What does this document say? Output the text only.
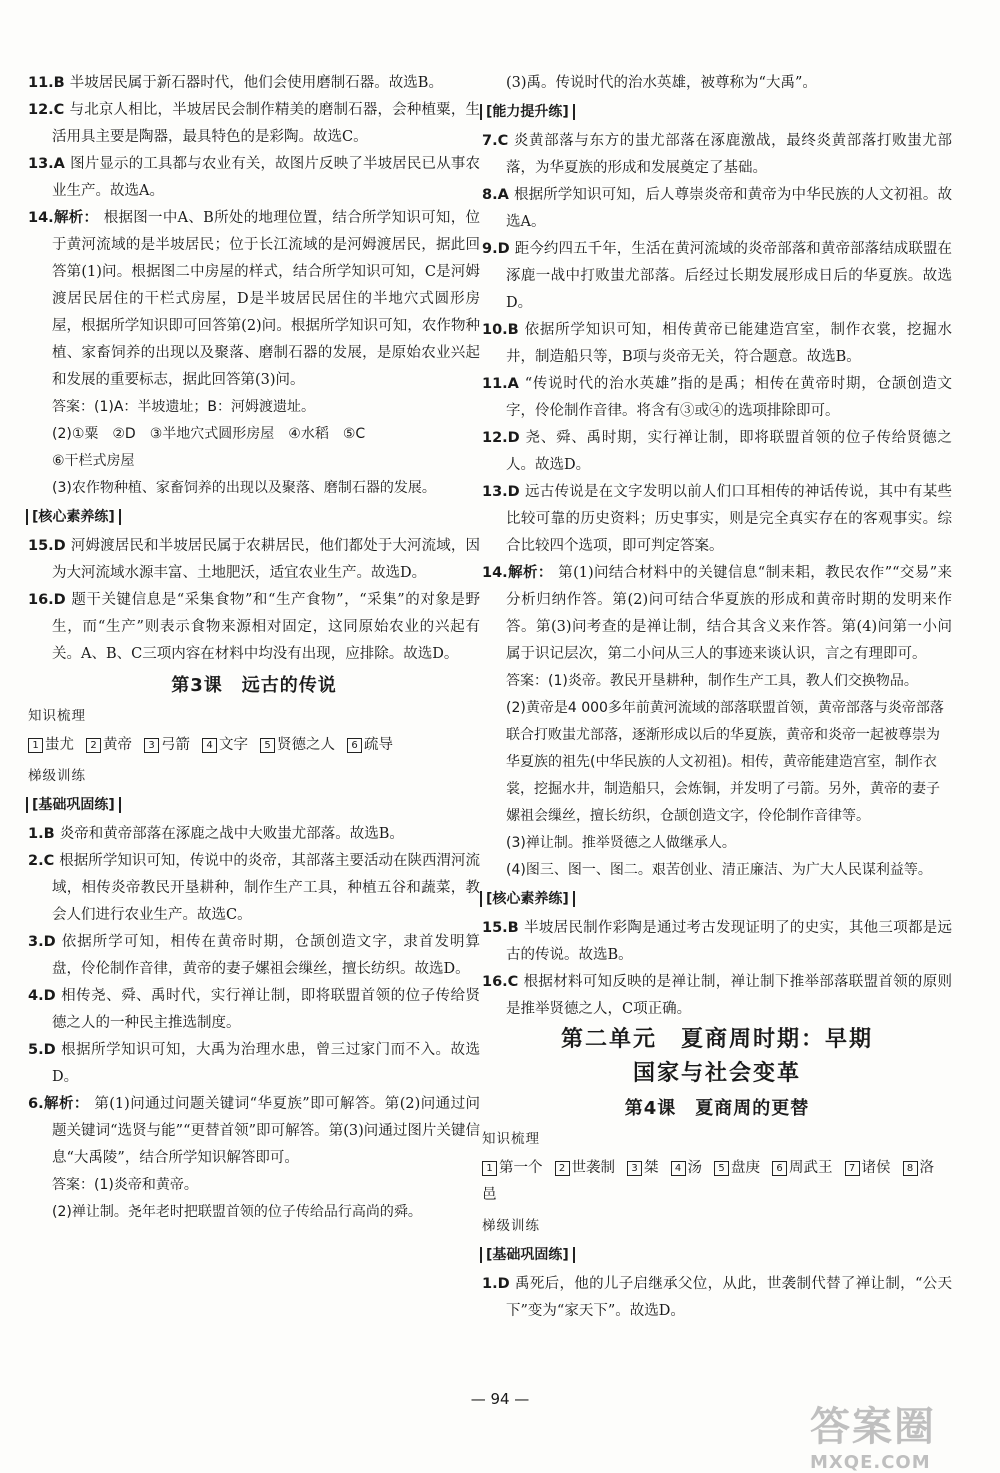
11.B 半坡居民属于新石器时代，他们会使用磨制石器。故选B。

12.C 与北京人相比，半坡居民会制作精美的磨制石器，会种植粟，生活用具主要是陶器，最具特色的是彩陶。故选C。

13.A 图片显示的工具都与农业有关，故图片反映了半坡居民已从事农业生产。故选A。

14.解析： 根据图一中A、B所处的地理位置，结合所学知识可知，位于黄河流域的是半坡居民；位于长江流域的是河姆渡居民，据此回答第(1)问。根据图二中房屋的样式，结合所学知识可知，C是河姆渡居民居住的干栏式房屋，D是半坡居民居住的半地穴式圆形房屋，根据所学知识即可回答第(2)问。根据所学知识可知，农作物种植、家畜饲养的出现以及聚落、磨制石器的发展，是原始农业兴起和发展的重要标志，据此回答第(3)问。

答案：(1)A：半坡遗址；B：河姆渡遗址。

(2)①粟　②D　③半地穴式圆形房屋　④水稻　⑤C

⑥干栏式房屋

(3)农作物种植、家畜饲养的出现以及聚落、磨制石器的发展。

[核心素养练]

15.D 河姆渡居民和半坡居民属于农耕居民，他们都处于大河流域，因为大河流域水源丰富、土地肥沃，适宜农业生产。故选D。

16.D 题干关键信息是“采集食物”和“生产食物”，“采集”的对象是野生，而“生产”则表示食物来源相对固定，这同原始农业的兴起有关。A、B、C三项内容在材料中均没有出现，应排除。故选D。

第3课　远古的传说
知识梳理
1 蚩尤 2 黄帝 3 弓箭 4 文字 5 贤德之人 6 疏导
梯级训练
[基础巩固练]

1.B 炎帝和黄帝部落在涿鹿之战中大败蚩尤部落。故选B。

2.C 根据所学知识可知，传说中的炎帝，其部落主要活动在陕西渭河流域，相传炎帝教民开垦耕种，制作生产工具，种植五谷和蔬菜，教会人们进行农业生产。故选C。

3.D 依据所学可知，相传在黄帝时期，仓颉创造文字，隶首发明算盘，伶伦制作音律，黄帝的妻子嫘祖会缫丝，擅长纺织。故选D。

4.D 相传尧、舜、禹时代，实行禅让制，即将联盟首领的位子传给贤德之人的一种民主推选制度。

5.D 根据所学知识可知，大禹为治理水患，曾三过家门而不入。故选D。

6.解析： 第(1)问通过问题关键词“华夏族”即可解答。第(2)问通过问题关键词“选贤与能”“更替首领”即可解答。第(3)问通过图片关键信息“大禹陵”，结合所学知识解答即可。

答案：(1)炎帝和黄帝。

(2)禅让制。尧年老时把联盟首领的位子传给品行高尚的舜。

(3)禹。传说时代的治水英雄，被尊称为“大禹”。

[能力提升练]

7.C 炎黄部落与东方的蚩尤部落在涿鹿激战，最终炎黄部落打败蚩尤部落，为华夏族的形成和发展奠定了基础。

8.A 根据所学知识可知，后人尊崇炎帝和黄帝为中华民族的人文初祖。故选A。

9.D 距今约四五千年，生活在黄河流域的炎帝部落和黄帝部落结成联盟在涿鹿一战中打败蚩尤部落。后经过长期发展形成日后的华夏族。故选D。

10.B 依据所学知识可知，相传黄帝已能建造宫室，制作衣裳，挖掘水井，制造船只等，B项与炎帝无关，符合题意。故选B。

11.A “传说时代的治水英雄”指的是禹；相传在黄帝时期，仓颉创造文字，伶伦制作音律。将含有③或④的选项排除即可。

12.D 尧、舜、禹时期，实行禅让制，即将联盟首领的位子传给贤德之人。故选D。

13.D 远古传说是在文字发明以前人们口耳相传的神话传说，其中有某些比较可靠的历史资料；历史事实，则是完全真实存在的客观事实。综合比较四个选项，即可判定答案。

14.解析： 第(1)问结合材料中的关键信息“制耒耜，教民农作”“交易”来分析归纳作答。第(2)问可结合华夏族的形成和黄帝时期的发明来作答。第(3)问考查的是禅让制，结合其含义来作答。第(4)问第一小问属于识记层次，第二小问从三人的事迹来谈认识，言之有理即可。

答案：(1)炎帝。教民开垦耕种，制作生产工具，教人们交换物品。

(2)黄帝是4 000多年前黄河流域的部落联盟首领，黄帝部落与炎帝部落联合打败蚩尤部落，逐渐形成以后的华夏族，黄帝和炎帝一起被尊崇为华夏族的祖先(中华民族的人文初祖)。相传，黄帝能建造宫室，制作衣裳，挖掘水井，制造船只，会炼铜，并发明了弓箭。另外，黄帝的妻子嫘祖会缫丝，擅长纺织，仓颉创造文字，伶伦制作音律等。

(3)禅让制。推举贤德之人做继承人。

(4)图三、图一、图二。艰苦创业、清正廉洁、为广大人民谋利益等。

[核心素养练]

15.B 半坡居民制作彩陶是通过考古发现证明了的史实，其他三项都是远古的传说。故选B。

16.C 根据材料可知反映的是禅让制，禅让制下推举部落联盟首领的原则是推举贤德之人，C项正确。

第二单元　夏商周时期：早期
国家与社会变革
第4课　夏商周的更替
知识梳理
1 第一个 2 世袭制 3 桀 4 汤 5 盘庚 6 周武王 7 诸侯 8 洛邑
梯级训练
[基础巩固练]

1.D 禹死后，他的儿子启继承父位，从此，世袭制代替了禅让制，“公天下”变为“家天下”。故选D。

— 94 —
答案圈
MXQE.COM
